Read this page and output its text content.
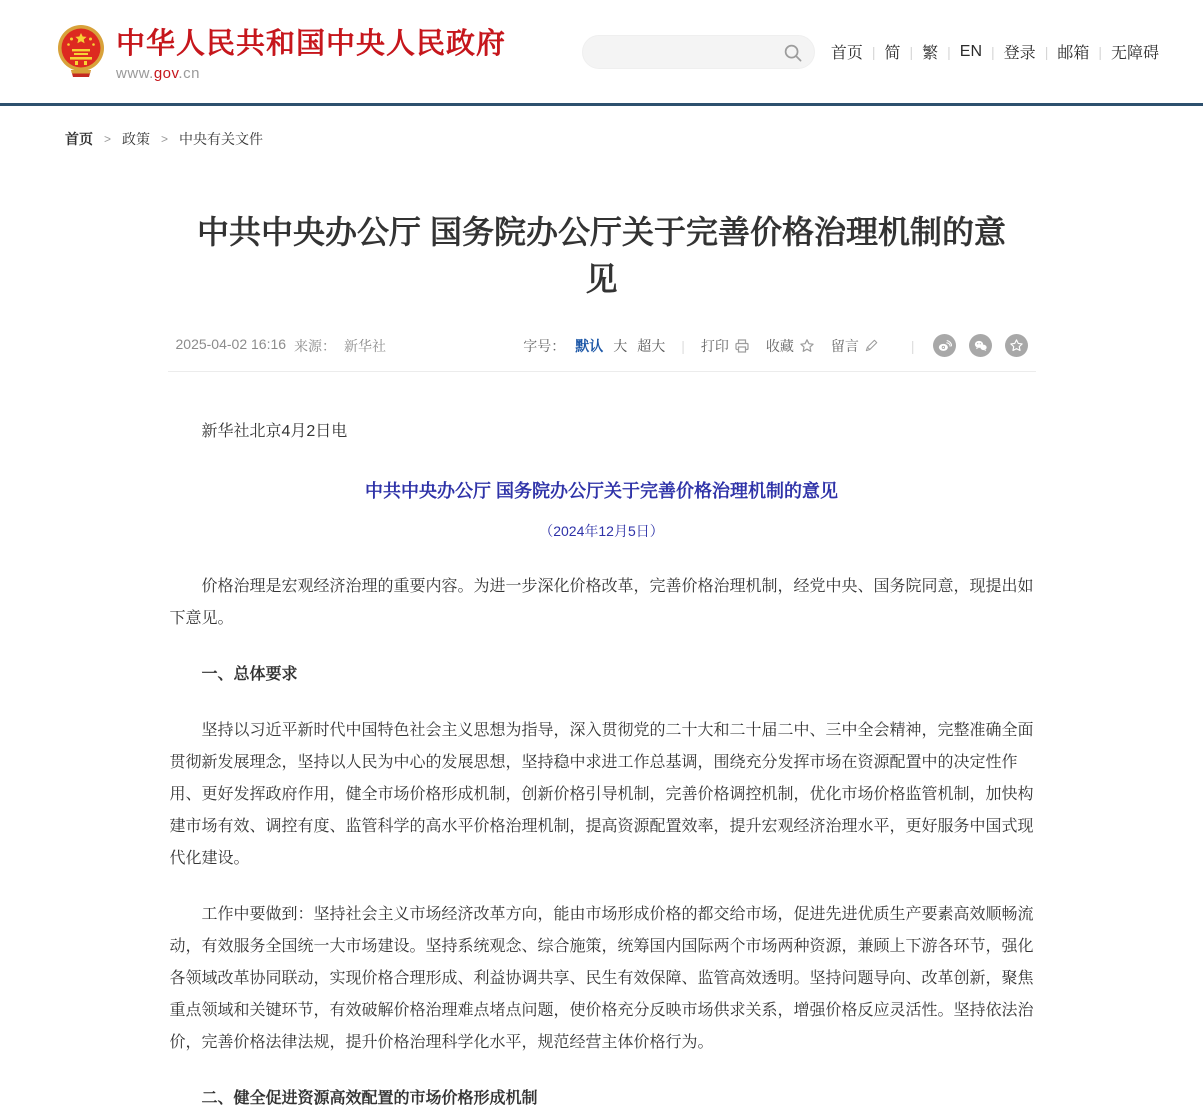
中华人民共和国中央人民政府
www.gov.cn
首页 | 简 | 繁 | EN | 登录 | 邮箱 | 无障碍
首页 > 政策 > 中央有关文件
中共中央办公厅 国务院办公厅关于完善价格治理机制的意见
2025-04-02 16:16 来源： 新华社	字号： 默认 大 超大 | 打印	收藏	留言	|

新华社北京4月2日电

中共中央办公厅 国务院办公厅关于完善价格治理机制的意见

（2024年12月5日）

价格治理是宏观经济治理的重要内容。为进一步深化价格改革，完善价格治理机制，经党中央、国务院同意，现提出如下意见。

一、总体要求

坚持以习近平新时代中国特色社会主义思想为指导，深入贯彻党的二十大和二十届二中、三中全会精神，完整准确全面贯彻新发展理念，坚持以人民为中心的发展思想，坚持稳中求进工作总基调，围绕充分发挥市场在资源配置中的决定性作用、更好发挥政府作用，健全市场价格形成机制，创新价格引导机制，完善价格调控机制，优化市场价格监管机制，加快构建市场有效、调控有度、监管科学的高水平价格治理机制，提高资源配置效率，提升宏观经济治理水平，更好服务中国式现代化建设。

工作中要做到：坚持社会主义市场经济改革方向，能由市场形成价格的都交给市场，促进先进优质生产要素高效顺畅流动，有效服务全国统一大市场建设。坚持系统观念、综合施策，统筹国内国际两个市场两种资源，兼顾上下游各环节，强化各领域改革协同联动，实现价格合理形成、利益协调共享、民生有效保障、监管高效透明。坚持问题导向、改革创新，聚焦重点领域和关键环节，有效破解价格治理难点堵点问题，使价格充分反映市场供求关系，增强价格反应灵活性。坚持依法治价，完善价格法律法规，提升价格治理科学化水平，规范经营主体价格行为。

二、健全促进资源高效配置的市场价格形成机制
